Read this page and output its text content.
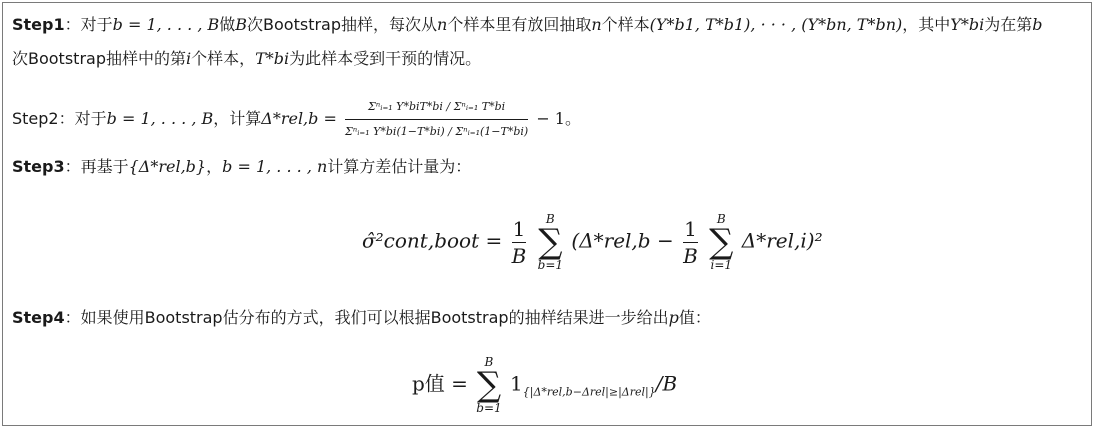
Step1：对于b = 1, . . . , B做B次Bootstrap抽样，每次从n个样本里有放回抽取n个样本(Y*b1, T*b1), · · · , (Y*bn, T*bn)，其中Y*bi为在第b
次Bootstrap抽样中的第i个样本，T*bi为此样本受到干预的情况。
Step2：对于b = 1, . . . , B，计算$\Delta*rel,b = \frac{\text{Σⁿᵢ₌₁ Y*biT*bi / Σⁿᵢ₌₁ T*bi}}{\text{Σⁿᵢ₌₁ Y*bi(1−T*bi) / Σⁿᵢ₌₁(1−T*bi)}} - 1$。
Step3：再基于{Δ*rel,b}，b = 1, . . . , n计算方差估计量为：
σ̂²cont,boot = $\frac{1}{B}$
B
∑
b=1
($\Delta*rel,b - \frac{1}{B}$
B
∑
i=1
Δ*rel,i)²
Step4：如果使用Bootstrap估分布的方式，我们可以根据Bootstrap的抽样结果进一步给出p值：
p值 =
B
∑
b=1
$1_{\{|\Delta*rel,b-\Delta rel|\ge|\Delta rel|\}}/B$
